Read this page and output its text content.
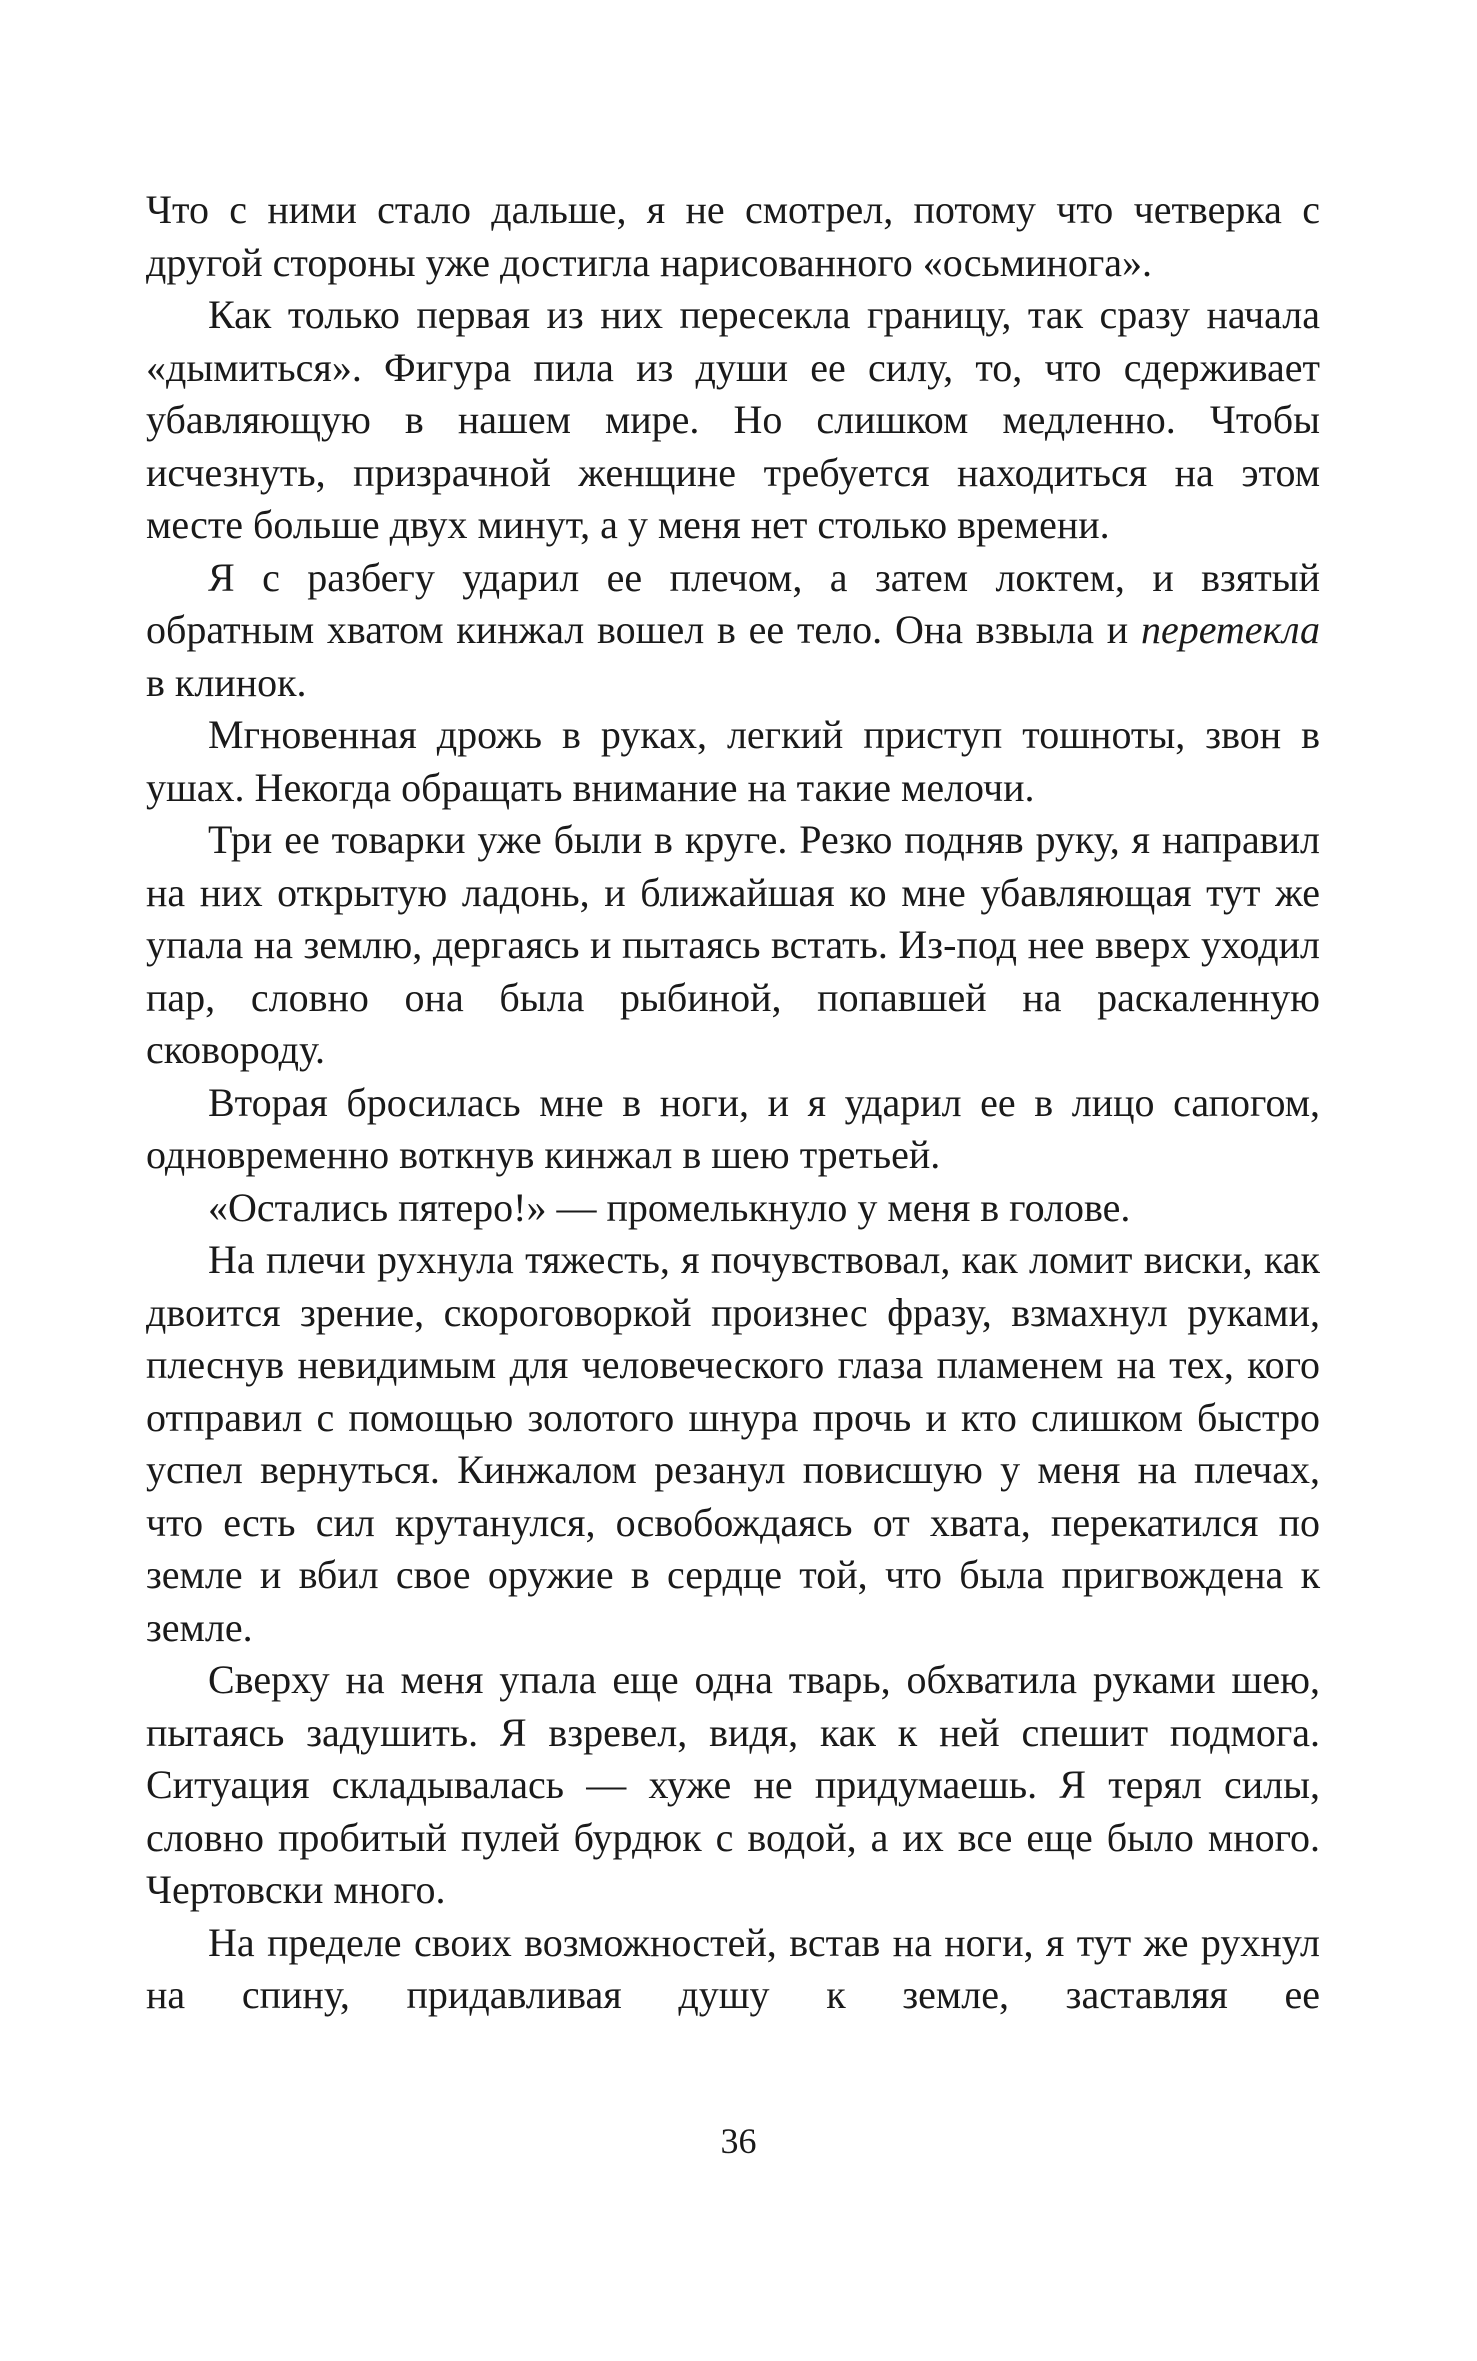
Что с ними стало дальше, я не смотрел, потому что четверка с другой стороны уже достигла нарисованного «осьминога».

Как только первая из них пересекла границу, так сразу начала «дымиться». Фигура пила из души ее силу, то, что сдерживает убавляющую в нашем мире. Но слишком медленно. Чтобы исчезнуть, призрачной женщине требуется находиться на этом месте больше двух минут, а у меня нет столько времени.

Я с разбегу ударил ее плечом, а затем локтем, и взятый обратным хватом кинжал вошел в ее тело. Она взвыла и перетекла в клинок.

Мгновенная дрожь в руках, легкий приступ тошноты, звон в ушах. Некогда обращать внимание на такие мелочи.

Три ее товарки уже были в круге. Резко подняв руку, я направил на них открытую ладонь, и ближайшая ко мне убавляющая тут же упала на землю, дергаясь и пытаясь встать. Из-под нее вверх уходил пар, словно она была рыбиной, попавшей на раскаленную сковороду.

Вторая бросилась мне в ноги, и я ударил ее в лицо сапогом, одновременно воткнув кинжал в шею третьей.

«Остались пятеро!» — промелькнуло у меня в голове.

На плечи рухнула тяжесть, я почувствовал, как ломит виски, как двоится зрение, скороговоркой произнес фразу, взмахнул руками, плеснув невидимым для человеческого глаза пламенем на тех, кого отправил с помощью золотого шнура прочь и кто слишком быстро успел вернуться. Кинжалом резанул повисшую у меня на плечах, что есть сил крутанулся, освобождаясь от хвата, перекатился по земле и вбил свое оружие в сердце той, что была пригвождена к земле.

Сверху на меня упала еще одна тварь, обхватила руками шею, пытаясь задушить. Я взревел, видя, как к ней спешит подмога. Ситуация складывалась — хуже не придумаешь. Я терял силы, словно пробитый пулей бурдюк с водой, а их все еще было много. Чертовски много.

На пределе своих возможностей, встав на ноги, я тут же рухнул на спину, придавливая душу к земле, заставляя ее

36
